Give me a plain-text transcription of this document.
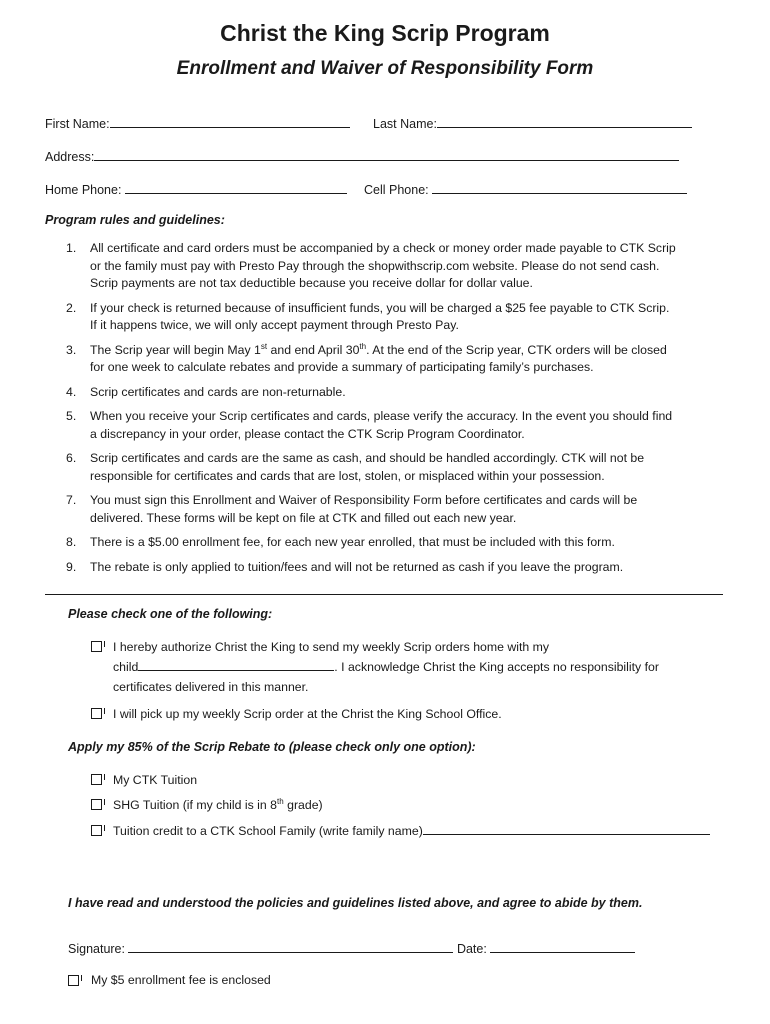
Christ the King Scrip Program
Enrollment and Waiver of Responsibility Form
First Name:	Last Name:
Address:
Home Phone:	Cell Phone:
Program rules and guidelines:
1. All certificate and card orders must be accompanied by a check or money order made payable to CTK Scrip or the family must pay with Presto Pay through the shopwithscrip.com website. Please do not send cash. Scrip payments are not tax deductible because you receive dollar for dollar value.
2. If your check is returned because of insufficient funds, you will be charged a $25 fee payable to CTK Scrip. If it happens twice, we will only accept payment through Presto Pay.
3. The Scrip year will begin May 1st and end April 30th. At the end of the Scrip year, CTK orders will be closed for one week to calculate rebates and provide a summary of participating family’s purchases.
4. Scrip certificates and cards are non-returnable.
5. When you receive your Scrip certificates and cards, please verify the accuracy. In the event you should find a discrepancy in your order, please contact the CTK Scrip Program Coordinator.
6. Scrip certificates and cards are the same as cash, and should be handled accordingly. CTK will not be responsible for certificates and cards that are lost, stolen, or misplaced within your possession.
7. You must sign this Enrollment and Waiver of Responsibility Form before certificates and cards will be delivered. These forms will be kept on file at CTK and filled out each new year.
8. There is a $5.00 enrollment fee, for each new year enrolled, that must be included with this form.
9. The rebate is only applied to tuition/fees and will not be returned as cash if you leave the program.
Please check one of the following:
I hereby authorize Christ the King to send my weekly Scrip orders home with my
child	. I acknowledge Christ the King accepts no responsibility for
certificates delivered in this manner.
I will pick up my weekly Scrip order at the Christ the King School Office.
Apply my 85% of the Scrip Rebate to (please check only one option):
My CTK Tuition
SHG Tuition (if my child is in 8th grade)
Tuition credit to a CTK School Family (write family name)
I have read and understood the policies and guidelines listed above, and agree to abide by them.
Signature:	Date:
My $5 enrollment fee is enclosed
